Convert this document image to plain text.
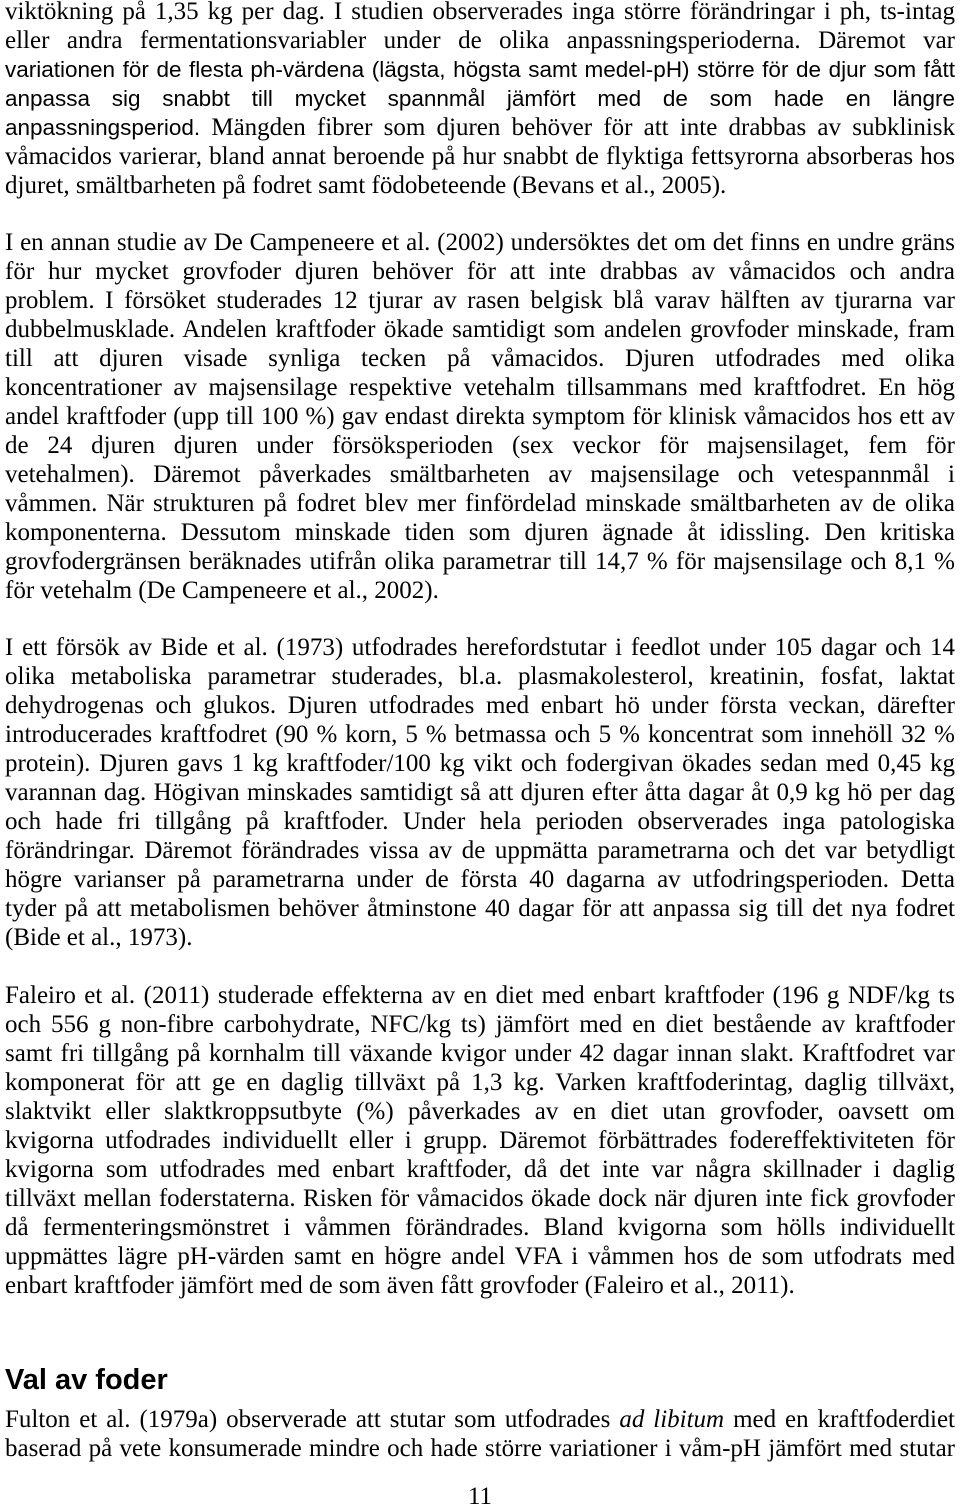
viktökning på 1,35 kg per dag. I studien observerades inga större förändringar i ph, ts-intag
eller andra fermentationsvariabler under de olika anpassningsperioderna. Däremot var
variationen för de flesta ph-värdena (lägsta, högsta samt medel-pH) större för de djur som fått
anpassa sig snabbt till mycket spannmål jämfört med de som hade en längre
anpassningsperiod. Mängden fibrer som djuren behöver för att inte drabbas av subklinisk
våmacidos varierar, bland annat beroende på hur snabbt de flyktiga fettsyrorna absorberas hos
djuret, smältbarheten på fodret samt födobeteende (Bevans et al., 2005).
I en annan studie av De Campeneere et al. (2002) undersöktes det om det finns en undre gräns
för hur mycket grovfoder djuren behöver för att inte drabbas av våmacidos och andra
problem. I försöket studerades 12 tjurar av rasen belgisk blå varav hälften av tjurarna var
dubbelmusklade. Andelen kraftfoder ökade samtidigt som andelen grovfoder minskade, fram
till att djuren visade synliga tecken på våmacidos. Djuren utfodrades med olika
koncentrationer av majsensilage respektive vetehalm tillsammans med kraftfodret. En hög
andel kraftfoder (upp till 100 %) gav endast direkta symptom för klinisk våmacidos hos ett av
de 24 djuren djuren under försöksperioden (sex veckor för majsensilaget, fem för
vetehalmen). Däremot påverkades smältbarheten av majsensilage och vetespannmål i
våmmen. När strukturen på fodret blev mer finfördelad minskade smältbarheten av de olika
komponenterna. Dessutom minskade tiden som djuren ägnade åt idissling. Den kritiska
grovfodergränsen beräknades utifrån olika parametrar till 14,7 % för majsensilage och 8,1 %
för vetehalm (De Campeneere et al., 2002).
I ett försök av Bide et al. (1973) utfodrades herefordstutar i feedlot under 105 dagar och 14
olika metaboliska parametrar studerades, bl.a. plasmakolesterol, kreatinin, fosfat, laktat
dehydrogenas och glukos. Djuren utfodrades med enbart hö under första veckan, därefter
introducerades kraftfodret (90 % korn, 5 % betmassa och 5 % koncentrat som innehöll 32 %
protein). Djuren gavs 1 kg kraftfoder/100 kg vikt och fodergivan ökades sedan med 0,45 kg
varannan dag. Högivan minskades samtidigt så att djuren efter åtta dagar åt 0,9 kg hö per dag
och hade fri tillgång på kraftfoder. Under hela perioden observerades inga patologiska
förändringar. Däremot förändrades vissa av de uppmätta parametrarna och det var betydligt
högre varianser på parametrarna under de första 40 dagarna av utfodringsperioden. Detta
tyder på att metabolismen behöver åtminstone 40 dagar för att anpassa sig till det nya fodret
(Bide et al., 1973).
Faleiro et al. (2011) studerade effekterna av en diet med enbart kraftfoder (196 g NDF/kg ts
och 556 g non-fibre carbohydrate, NFC/kg ts) jämfört med en diet bestående av kraftfoder
samt fri tillgång på kornhalm till växande kvigor under 42 dagar innan slakt. Kraftfodret var
komponerat för att ge en daglig tillväxt på 1,3 kg. Varken kraftfoderintag, daglig tillväxt,
slaktvikt eller slaktkroppsutbyte (%) påverkades av en diet utan grovfoder, oavsett om
kvigorna utfodrades individuellt eller i grupp. Däremot förbättrades fodereffektiviteten för
kvigorna som utfodrades med enbart kraftfoder, då det inte var några skillnader i daglig
tillväxt mellan foderstaterna. Risken för våmacidos ökade dock när djuren inte fick grovfoder
då fermenteringsmönstret i våmmen förändrades. Bland kvigorna som hölls individuellt
uppmättes lägre pH-värden samt en högre andel VFA i våmmen hos de som utfodrats med
enbart kraftfoder jämfört med de som även fått grovfoder (Faleiro et al., 2011).
Val av foder
Fulton et al. (1979a) observerade att stutar som utfodrades ad libitum med en kraftfoderdiet
baserad på vete konsumerade mindre och hade större variationer i våm-pH jämfört med stutar
11
